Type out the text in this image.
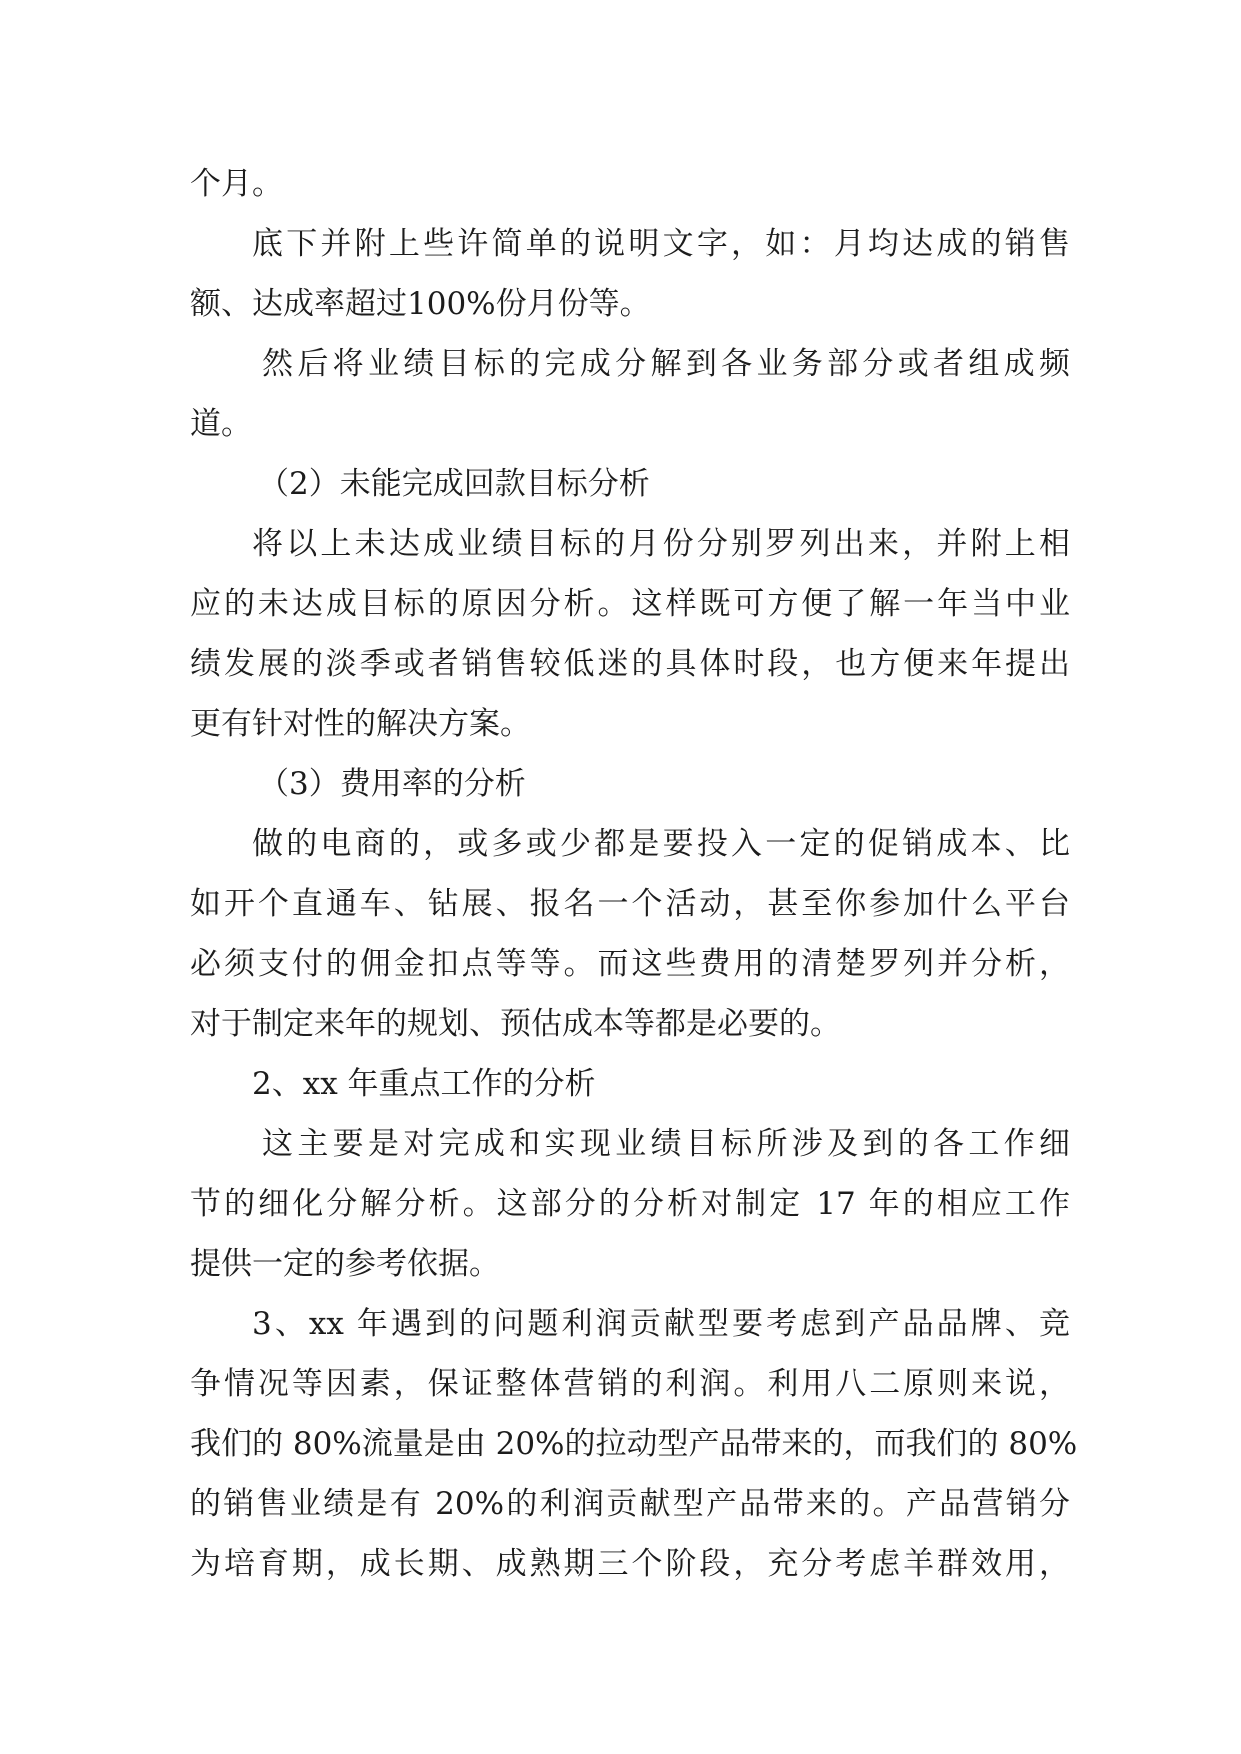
个月。
底下并附上些许简单的说明文字，如：月均达成的销售
额、达成率超过100%份月份等。
然后将业绩目标的完成分解到各业务部分或者组成频
道。
（2）未能完成回款目标分析
将以上未达成业绩目标的月份分别罗列出来，并附上相
应的未达成目标的原因分析。这样既可方便了解一年当中业
绩发展的淡季或者销售较低迷的具体时段，也方便来年提出
更有针对性的解决方案。
（3）费用率的分析
做的电商的，或多或少都是要投入一定的促销成本、比
如开个直通车、钻展、报名一个活动，甚至你参加什么平台
必须支付的佣金扣点等等。而这些费用的清楚罗列并分析，
对于制定来年的规划、预估成本等都是必要的。
2、xx 年重点工作的分析
这主要是对完成和实现业绩目标所涉及到的各工作细
节的细化分解分析。这部分的分析对制定 17 年的相应工作
提供一定的参考依据。
3、xx 年遇到的问题利润贡献型要考虑到产品品牌、竞
争情况等因素，保证整体营销的利润。利用八二原则来说，
我们的 80%流量是由 20%的拉动型产品带来的，而我们的 80%
的销售业绩是有 20%的利润贡献型产品带来的。产品营销分
为培育期，成长期、成熟期三个阶段，充分考虑羊群效用，
